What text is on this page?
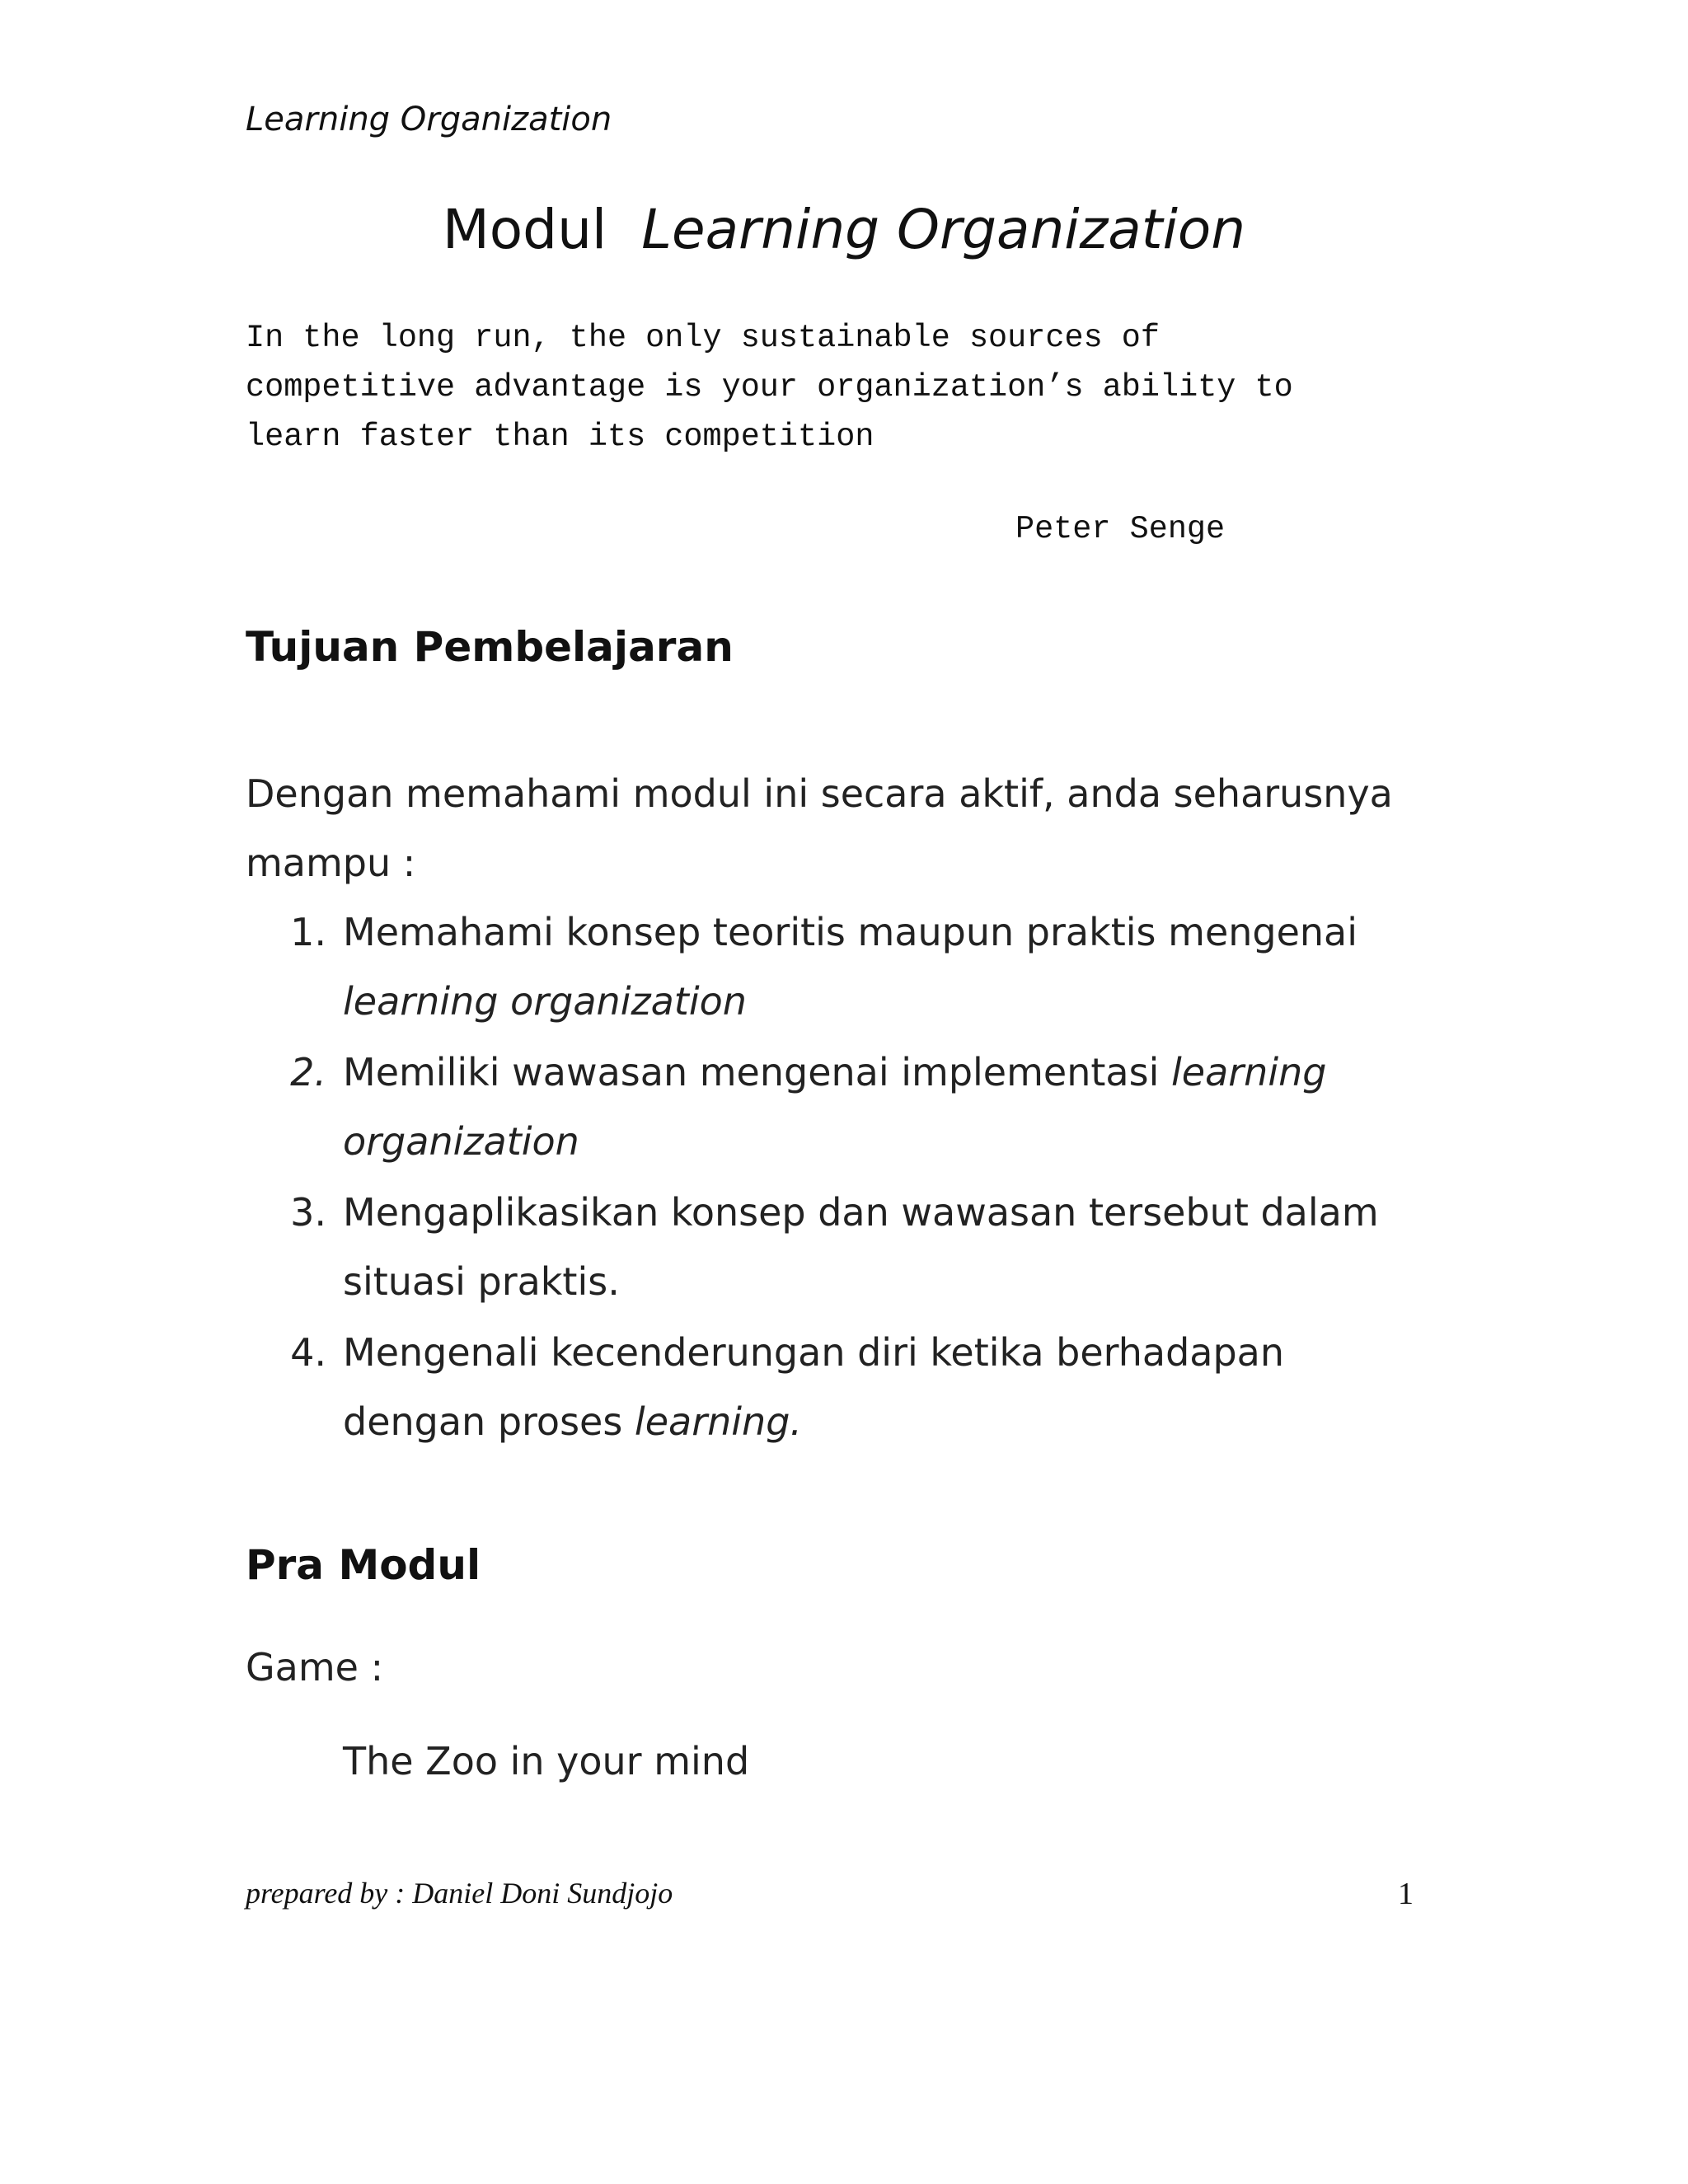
Learning Organization
Modul Learning Organization
In the long run, the only sustainable sources of
competitive advantage is your organization’s ability to
learn faster than its competition
Peter Senge
Tujuan Pembelajaran
Dengan memahami modul ini secara aktif, anda seharusnya
mampu :
1. Memahami konsep teoritis maupun praktis mengenai
learning organization
2. Memiliki wawasan mengenai implementasi learning
organization
3. Mengaplikasikan konsep dan wawasan tersebut dalam
situasi praktis.
4. Mengenali kecenderungan diri ketika berhadapan
dengan proses learning.
Pra Modul
Game :
The Zoo in your mind
prepared by : Daniel Doni Sundjojo	1
